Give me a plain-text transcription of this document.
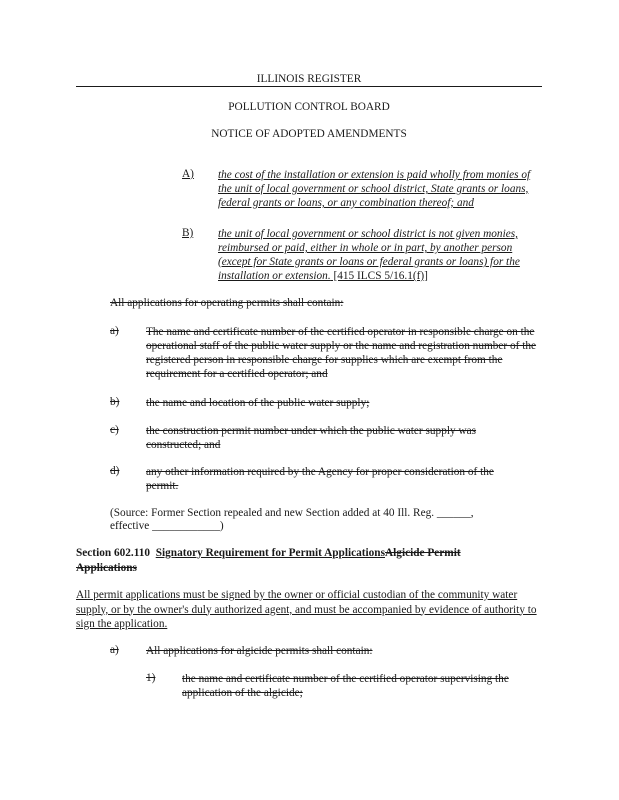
ILLINOIS REGISTER
POLLUTION CONTROL BOARD
NOTICE OF ADOPTED AMENDMENTS
A) the cost of the installation or extension is paid wholly from monies of the unit of local government or school district, State grants or loans, federal grants or loans, or any combination thereof; and
B) the unit of local government or school district is not given monies, reimbursed or paid, either in whole or in part, by another person (except for State grants or loans or federal grants or loans) for the installation or extension. [415 ILCS 5/16.1(f)]
All applications for operating permits shall contain:
a) The name and certificate number of the certified operator in responsible charge on the operational staff of the public water supply or the name and registration number of the registered person in responsible charge for supplies which are exempt from the requirement for a certified operator; and
b) the name and location of the public water supply;
c) the construction permit number under which the public water supply was constructed; and
d) any other information required by the Agency for proper consideration of the permit.
(Source: Former Section repealed and new Section added at 40 Ill. Reg. ______,
effective ____________)
Section 602.110 Signatory Requirement for Permit ApplicationsAlgicide Permit Applications
All permit applications must be signed by the owner or official custodian of the community water supply, or by the owner's duly authorized agent, and must be accompanied by evidence of authority to sign the application.
a) All applications for algicide permits shall contain:
1) the name and certificate number of the certified operator supervising the application of the algicide;
